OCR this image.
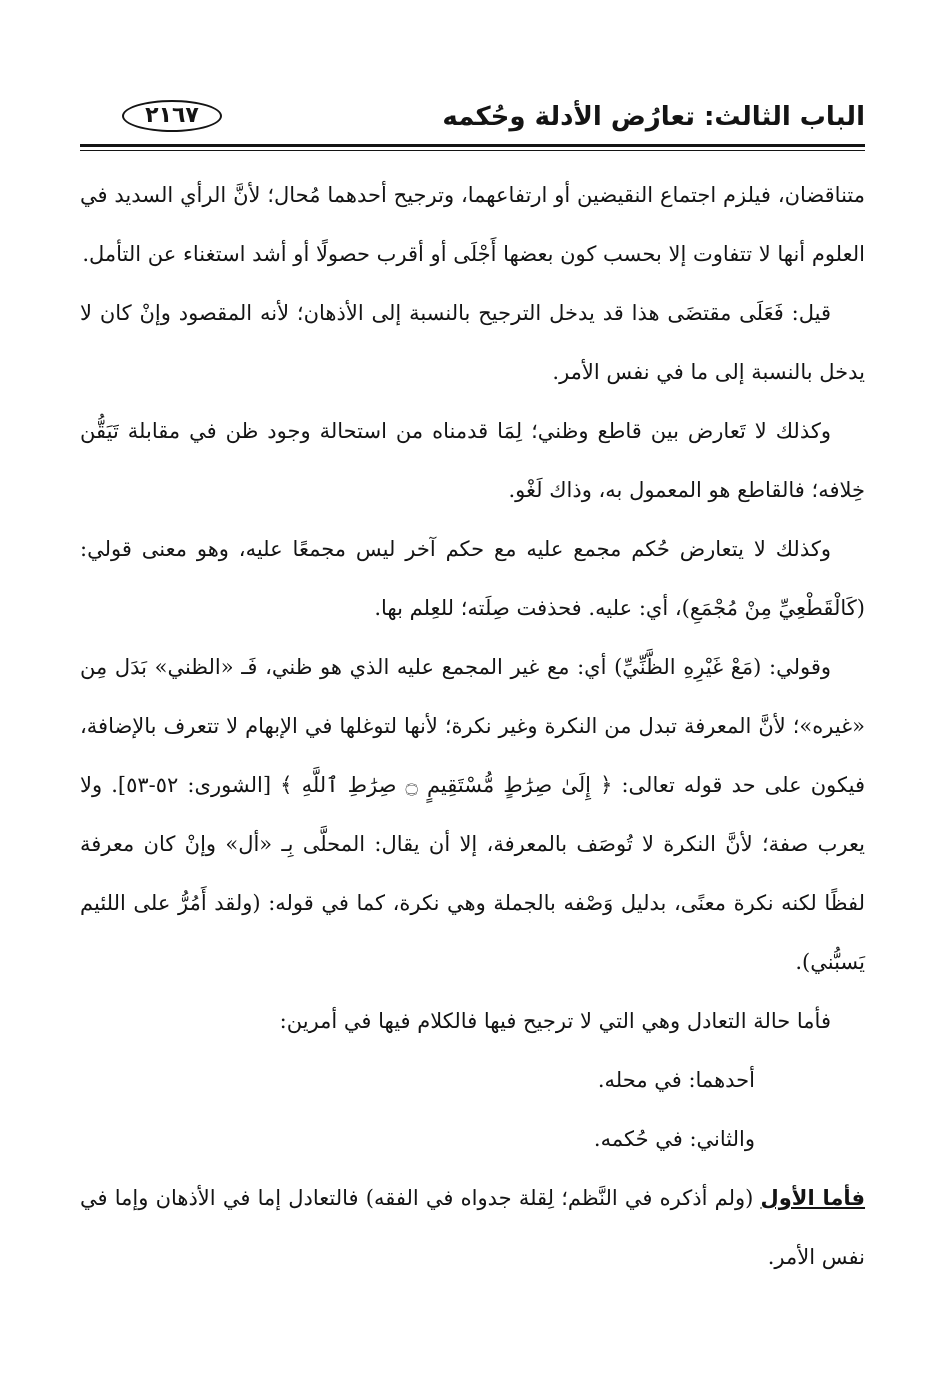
الباب الثالث: تعارُض الأدلة وحُكمه
٢١٦٧

متناقضان، فيلزم اجتماع النقيضين أو ارتفاعهما، وترجيح أحدهما مُحال؛ لأنَّ الرأي السديد في العلوم أنها لا تتفاوت إلا بحسب كون بعضها أَجْلَى أو أقرب حصولًا أو أشد استغناء عن التأمل.

قيل: فَعَلَى مقتضَى هذا قد يدخل الترجيح بالنسبة إلى الأذهان؛ لأنه المقصود وإنْ كان لا يدخل بالنسبة إلى ما في نفس الأمر.

وكذلك لا تَعارض بين قاطع وظني؛ لِمَا قدمناه من استحالة وجود ظن في مقابلة تَيَقُّن خِلافه؛ فالقاطع هو المعمول به، وذاك لَغْو.

وكذلك لا يتعارض حُكم مجمع عليه مع حكم آخر ليس مجمعًا عليه، وهو معنى قولي: (كَالْقَطْعِيِّ مِنْ مُجْمَعِ)، أي: عليه. فحذفت صِلَته؛ للعِلم بها.

وقولي: (مَعْ غَيْرِهِ الظَّنِّيِّ) أي: مع غير المجمع عليه الذي هو ظني، فَـ «الظني» بَدَل مِن «غيره»؛ لأنَّ المعرفة تبدل من النكرة وغير نكرة؛ لأنها لتوغلها في الإبهام لا تتعرف بالإضافة، فيكون على حد قوله تعالى: ﴿ إِلَىٰ صِرَٰطٍ مُّسْتَقِيمٍ ۝ صِرَٰطِ ٱللَّهِ ﴾ [الشورى: ٥٢-٥٣]. ولا يعرب صفة؛ لأنَّ النكرة لا تُوصَف بالمعرفة، إلا أن يقال: المحلَّى بِـ «أل» وإنْ كان معرفة لفظًا لكنه نكرة معنًى، بدليل وَصْفه بالجملة وهي نكرة، كما في قوله: (ولقد أَمُرُّ على اللئيم يَسبُّني).

فأما حالة التعادل وهي التي لا ترجيح فيها فالكلام فيها في أمرين:

أحدهما: في محله.

والثاني: في حُكمه.

فأما الأول (ولم أذكره في النَّظم؛ لِقلة جدواه في الفقه) فالتعادل إما في الأذهان وإما في نفس الأمر.
